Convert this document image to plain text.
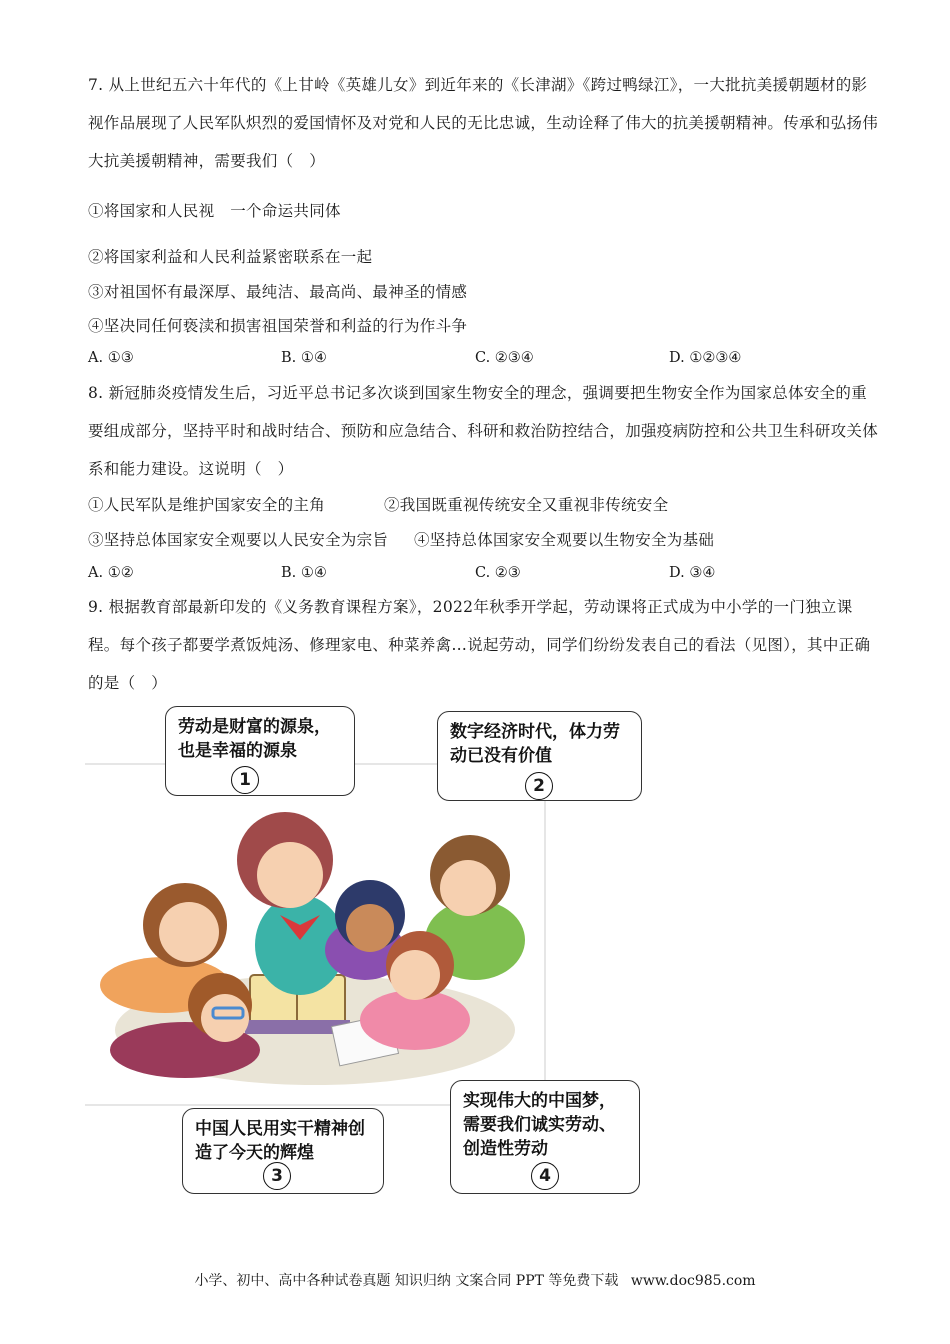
7. 从上世纪五六十年代的《上甘岭《英雄儿女》到近年来的《长津湖》《跨过鸭绿江》，一大批抗美援朝题材的影视作品展现了人民军队炽烈的爱国情怀及对党和人民的无比忠诚，生动诠释了伟大的抗美援朝精神。传承和弘扬伟大抗美援朝精神，需要我们（　）
①将国家和人民视　一个命运共同体
②将国家利益和人民利益紧密联系在一起
③对祖国怀有最深厚、最纯洁、最高尚、最神圣的情感
④坚决同任何亵渎和损害祖国荣誉和利益的行为作斗争
A. ①③	B. ①④	C. ②③④	D. ①②③④
8. 新冠肺炎疫情发生后，习近平总书记多次谈到国家生物安全的理念，强调要把生物安全作为国家总体安全的重要组成部分，坚持平时和战时结合、预防和应急结合、科研和救治防控结合，加强疫病防控和公共卫生科研攻关体系和能力建设。这说明（　）
①人民军队是维护国家安全的主角	②我国既重视传统安全又重视非传统安全
③坚持总体国家安全观要以人民安全为宗旨 ④坚持总体国家安全观要以生物安全为基础
A. ①②	B. ①④	C. ②③	D. ③④
9. 根据教育部最新印发的《义务教育课程方案》，2022年秋季开学起，劳动课将正式成为中小学的一门独立课程。每个孩子都要学煮饭炖汤、修理家电、种菜养禽…说起劳动，同学们纷纷发表自己的看法（见图），其中正确的是（　）
劳动是财富的源泉，也是幸福的源泉
1
数字经济时代，体力劳动已没有价值
2
中国人民用实干精神创造了今天的辉煌
3
实现伟大的中国梦，需要我们诚实劳动、创造性劳动
4
小学、初中、高中各种试卷真题 知识归纳 文案合同 PPT 等免费下载 www.doc985.com
